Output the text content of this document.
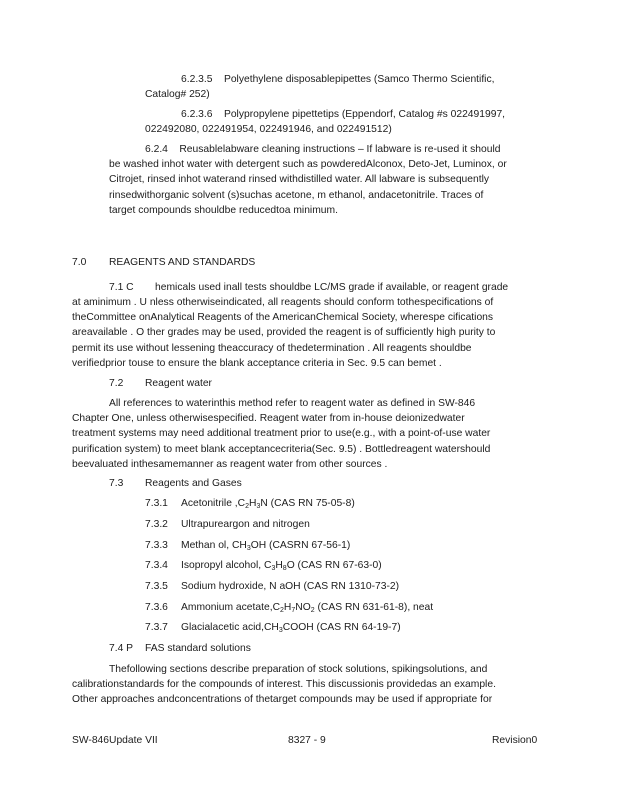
6.2.3.5 Polyethylene disposablepipettes (Samco Thermo Scientific,
Catalog# 252)
6.2.3.6 Polypropylene pipettetips (Eppendorf, Catalog #s 022491997,
022492080, 022491954, 022491946, and 022491512)

6.2.4 Reusablelabware cleaning instructions – If labware is re-used it should

be washed inhot water with detergent such as powderedAlconox, Deto-Jet, Luminox, or

Citrojet, rinsed inhot waterand rinsed withdistilled water. All labware is subsequently

rinsedwithorganic solvent (s)suchas acetone, m ethanol, andacetonitrile. Traces of

target compounds shouldbe reducedtoa minimum.

7.0 REAGENTS AND STANDARDS

7.1 C hemicals used inall tests shouldbe LC/MS grade if available, or reagent grade

at aminimum . U nless otherwiseindicated, all reagents should conform tothespecifications of

theCommittee onAnalytical Reagents of the AmericanChemical Society, wherespe cifications

areavailable . O ther grades may be used, provided the reagent is of sufficiently high purity to

permit its use without lessening theaccuracy of thedetermination . All reagents shouldbe

verifiedprior touse to ensure the blank acceptance criteria in Sec. 9.5 can bemet .

7.2 Reagent water

All references to waterinthis method refer to reagent water as defined in SW-846

Chapter One, unless otherwisespecified. Reagent water from in-house deionizedwater

treatment systems may need additional treatment prior to use(e.g., with a point-of-use water

purification system) to meet blank acceptancecriteria(Sec. 9.5) . Bottledreagent watershould

beevaluated inthesamemanner as reagent water from other sources .

7.3 Reagents and Gases
7.3.1 Acetonitrile ,C2H3N (CAS RN 75-05-8)
7.3.2 Ultrapureargon and nitrogen
7.3.3 Methan ol, CH3OH (CASRN 67-56-1)
7.3.4 Isopropyl alcohol, C3H8O (CAS RN 67-63-0)
7.3.5 Sodium hydroxide, N aOH (CAS RN 1310-73-2)
7.3.6 Ammonium acetate,C2H7NO2 (CAS RN 631-61-8), neat
7.3.7 Glacialacetic acid,CH3COOH (CAS RN 64-19-7)
7.4 P FAS standard solutions

Thefollowing sections describe preparation of stock solutions, spikingsolutions, and

calibrationstandards for the compounds of interest. This discussionis providedas an example.

Other approaches andconcentrations of thetarget compounds may be used if appropriate for

SW-846Update VII	8327 - 9	Revision0
